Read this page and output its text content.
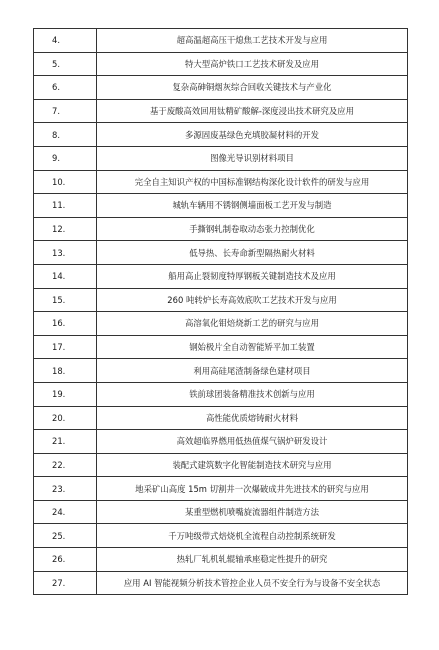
4.	超高温超高压干熄焦工艺技术开发与应用
5.	特大型高炉铁口工艺技术研发及应用
6.	复杂高砷铜烟灰综合回收关键技术与产业化
7.	基于废酸高效回用钛精矿酸解-深度浸出技术研究及应用
8.	多源固废基绿色充填胶凝材料的开发
9.	图像光导识别材料项目
10.	完全自主知识产权的中国标准钢结构深化设计软件的研发与应用
11.	城轨车辆用不锈钢侧墙面板工艺开发与制造
12.	手撕钢轧制卷取动态张力控制优化
13.	低导热、长寿命新型隔热耐火材料
14.	船用高止裂韧度特厚钢板关键制造技术及应用
15.	260 吨转炉长寿高效底吹工艺技术开发与应用
16.	高溶氧化钼焙烧新工艺的研究与应用
17.	钢始极片全自动智能矫平加工装置
18.	利用高硅尾渣制备绿色建材项目
19.	铁前球团装备精准技术创新与应用
20.	高性能优质熔铸耐火材料
21.	高效超临界燃用低热值煤气锅炉研发设计
22.	装配式建筑数字化智能制造技术研究与应用
23.	地采矿山高度 15m 切割井一次爆破成井先进技术的研究与应用
24.	某重型燃机喷嘴旋流器组件制造方法
25.	千万吨级带式焙烧机全流程自动控制系统研发
26.	热轧厂轧机轧辊轴承座稳定性提升的研究
27.	应用 AI 智能视频分析技术管控企业人员不安全行为与设备不安全状态
